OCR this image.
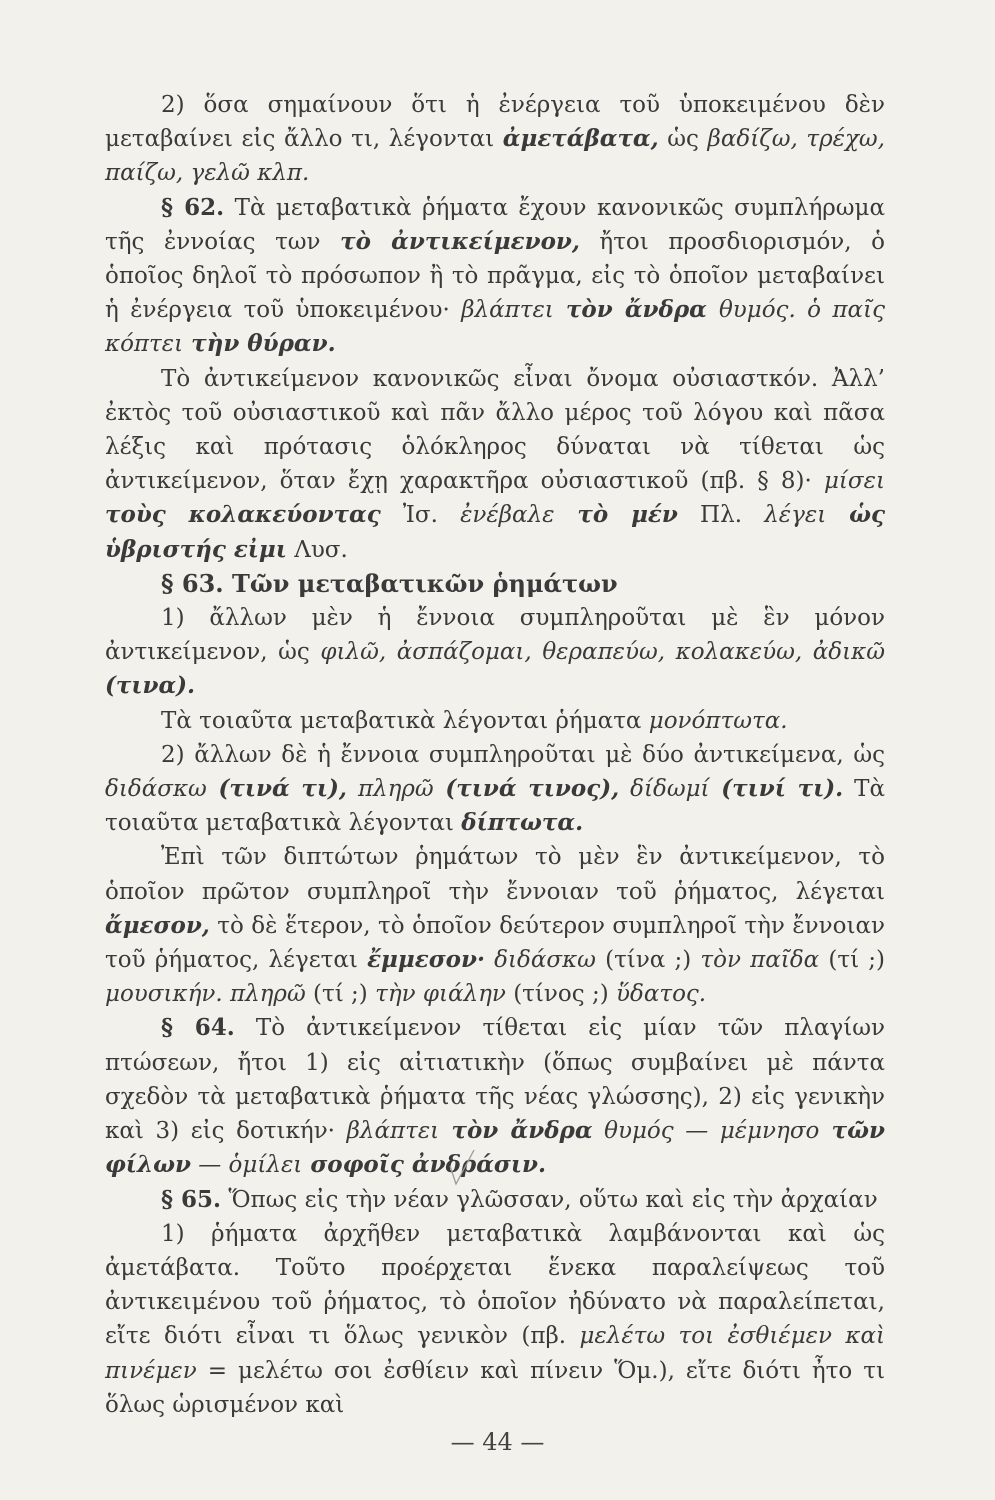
2) ὅσα σημαίνουν ὅτι ἡ ἐνέργεια τοῦ ὑποκειμένου δὲν μεταβαίνει εἰς ἄλλο τι, λέγονται ἀμετάβατα, ὡς βαδίζω, τρέχω, παίζω, γελῶ κλπ.

§ 62. Τὰ μεταβατικὰ ῥήματα ἔχουν κανονικῶς συμπλήρωμα τῆς ἐννοίας των τὸ ἀντικείμενον, ἤτοι προσδιορισμόν, ὁ ὁποῖος δηλοῖ τὸ πρόσωπον ἢ τὸ πρᾶγμα, εἰς τὸ ὁποῖον μεταβαίνει ἡ ἐνέργεια τοῦ ὑποκειμένου· βλάπτει τὸν ἄνδρα θυμός. ὁ παῖς κόπτει τὴν θύραν.

Τὸ ἀντικείμενον κανονικῶς εἶναι ὄνομα οὐσιαστκόν. Ἀλλ’ ἐκτὸς τοῦ οὐσιαστικοῦ καὶ πᾶν ἄλλο μέρος τοῦ λόγου καὶ πᾶσα λέξις καὶ πρότασις ὁλόκληρος δύναται νὰ τίθεται ὡς ἀντικείμενον, ὅταν ἔχῃ χαρακτῆρα οὐσιαστικοῦ (πβ. § 8)· μίσει τοὺς κολακεύοντας Ἰσ. ἐνέβαλε τὸ μέν Πλ. λέγει ὡς ὑβριστής εἰμι Λυσ.

§ 63. Τῶν μεταβατικῶν ῥημάτων

1) ἄλλων μὲν ἡ ἔννοια συμπληροῦται μὲ ἓν μόνον ἀντικείμενον, ὡς φιλῶ, ἀσπάζομαι, θεραπεύω, κολακεύω, ἀδικῶ (τινα).

Τὰ τοιαῦτα μεταβατικὰ λέγονται ῥήματα μονόπτωτα.

2) ἄλλων δὲ ἡ ἔννοια συμπληροῦται μὲ δύο ἀντικείμενα, ὡς διδάσκω (τινά τι), πληρῶ (τινά τινος), δίδωμί (τινί τι). Τὰ τοιαῦτα μεταβατικὰ λέγονται δίπτωτα.

Ἐπὶ τῶν διπτώτων ῥημάτων τὸ μὲν ἓν ἀντικείμενον, τὸ ὁποῖον πρῶτον συμπληροῖ τὴν ἔννοιαν τοῦ ῥήματος, λέγεται ἄμεσον, τὸ δὲ ἕτερον, τὸ ὁποῖον δεύτερον συμπληροῖ τὴν ἔννοιαν τοῦ ῥήματος, λέγεται ἔμμεσον· διδάσκω (τίνα ;) τὸν παῖδα (τί ;) μουσικήν. πληρῶ (τί ;) τὴν φιάλην (τίνος ;) ὕδατος.

§ 64. Τὸ ἀντικείμενον τίθεται εἰς μίαν τῶν πλαγίων πτώσεων, ἤτοι 1) εἰς αἰτιατικὴν (ὅπως συμβαίνει μὲ πάντα σχεδὸν τὰ μεταβατικὰ ῥήματα τῆς νέας γλώσσης), 2) εἰς γενικὴν καὶ 3) εἰς δοτικήν· βλάπτει τὸν ἄνδρα θυμός — μέμνησο τῶν φίλων — ὁμίλει σοφοῖς ἀνδράσιν.

§ 65. Ὅπως εἰς τὴν νέαν γλῶσσαν, οὕτω καὶ εἰς τὴν ἀρχαίαν

1) ῥήματα ἀρχῆθεν μεταβατικὰ λαμβάνονται καὶ ὡς ἀμετάβατα. Τοῦτο προέρχεται ἕνεκα παραλείψεως τοῦ ἀντικειμένου τοῦ ῥήματος, τὸ ὁποῖον ἠδύνατο νὰ παραλείπεται, εἴτε διότι εἶναι τι ὅλως γενικὸν (πβ. μελέτω τοι ἐσθιέμεν καὶ πινέμεν = μελέτω σοι ἐσθίειν καὶ πίνειν Ὅμ.), εἴτε διότι ἦτο τι ὅλως ὡρισμένον καὶ

— 44 —
